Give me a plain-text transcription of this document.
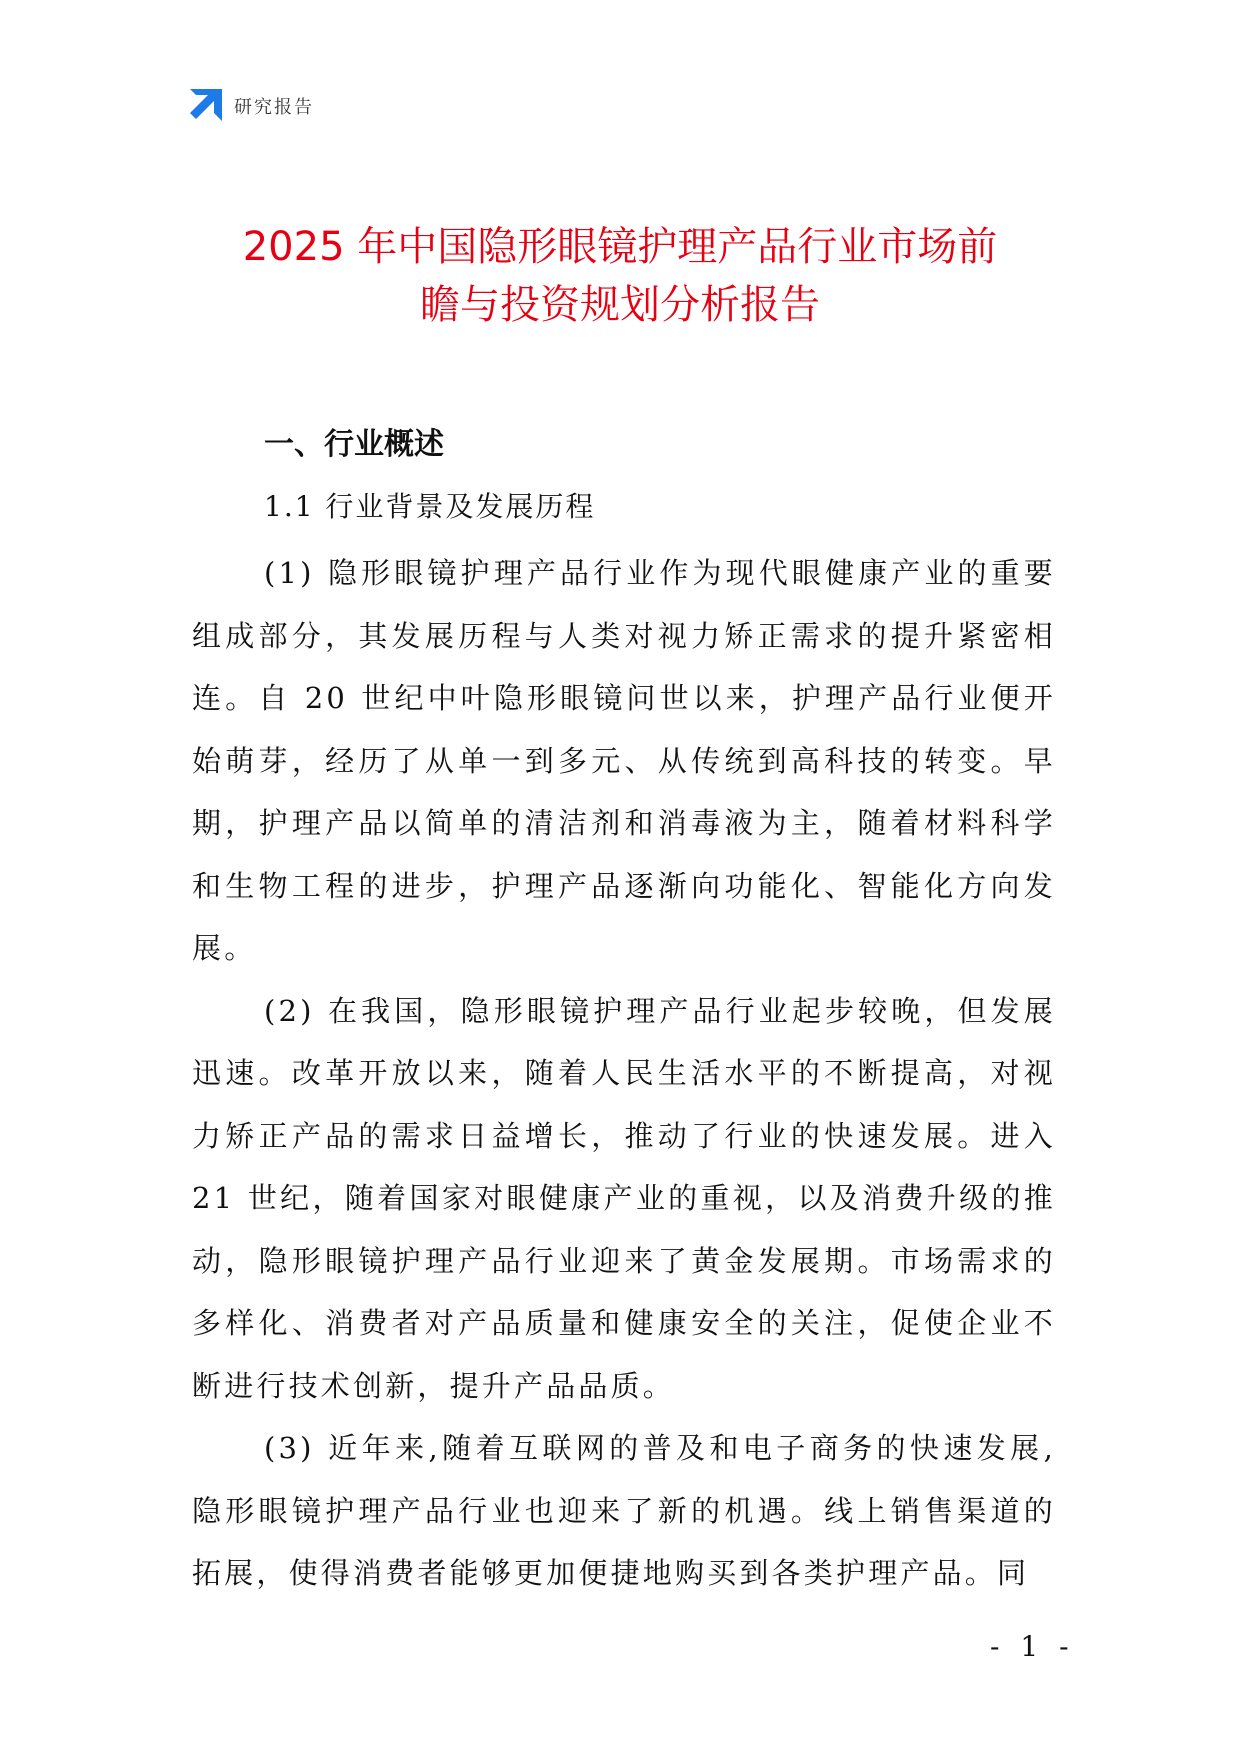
研究报告
2025 年中国隐形眼镜护理产品行业市场前
瞻与投资规划分析报告
一、行业概述
1.1 行业背景及发展历程

(1) 隐形眼镜护理产品行业作为现代眼健康产业的重要组成部分，其发展历程与人类对视力矫正需求的提升紧密相连。自 20 世纪中叶隐形眼镜问世以来，护理产品行业便开始萌芽，经历了从单一到多元、从传统到高科技的转变。早期，护理产品以简单的清洁剂和消毒液为主，随着材料科学和生物工程的进步，护理产品逐渐向功能化、智能化方向发展。

(2) 在我国，隐形眼镜护理产品行业起步较晚，但发展迅速。改革开放以来，随着人民生活水平的不断提高，对视力矫正产品的需求日益增长，推动了行业的快速发展。进入 21 世纪，随着国家对眼健康产业的重视，以及消费升级的推动，隐形眼镜护理产品行业迎来了黄金发展期。市场需求的多样化、消费者对产品质量和健康安全的关注，促使企业不断进行技术创新，提升产品品质。

(3) 近年来,随着互联网的普及和电子商务的快速发展,隐形眼镜护理产品行业也迎来了新的机遇。线上销售渠道的拓展，使得消费者能够更加便捷地购买到各类护理产品。同

- 1 -
